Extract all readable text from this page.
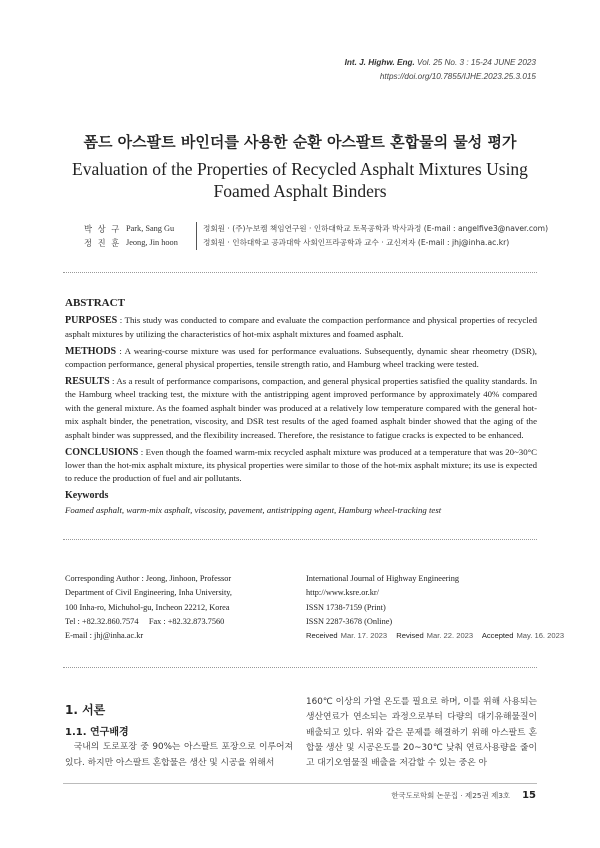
Int. J. Highw. Eng. Vol. 25 No. 3 : 15-24 JUNE 2023
https://doi.org/10.7855/IJHE.2023.25.3.015
폼드 아스팔트 바인더를 사용한 순환 아스팔트 혼합물의 물성 평가
Evaluation of the Properties of Recycled Asphalt Mixtures Using
Foamed Asphalt Binders
박 상 구 Park, Sang Gu	정회원 · (주)누보켐 책임연구원 · 인하대학교 토목공학과 박사과정 (E-mail : angelfive3@naver.com)
정 진 훈 Jeong, Jin hoon	정회원 · 인하대학교 공과대학 사회인프라공학과 교수 · 교신저자 (E-mail : jhj@inha.ac.kr)
ABSTRACT

PURPOSES : This study was conducted to compare and evaluate the compaction performance and physical properties of recycled asphalt mixtures by utilizing the characteristics of hot-mix asphalt mixtures and foamed asphalt.

METHODS : A wearing-course mixture was used for performance evaluations. Subsequently, dynamic shear rheometry (DSR), compaction performance, general physical properties, tensile strength ratio, and Hamburg wheel tracking were tested.

RESULTS : As a result of performance comparisons, compaction, and general physical properties satisfied the quality standards. In the Hamburg wheel tracking test, the mixture with the antistripping agent improved performance by approximately 40% compared with the general mixture. As the foamed asphalt binder was produced at a relatively low temperature compared with the general hot-mix asphalt binder, the penetration, viscosity, and DSR test results of the aged foamed asphalt binder showed that the aging of the asphalt binder was suppressed, and the flexibility increased. Therefore, the resistance to fatigue cracks is expected to be enhanced.

CONCLUSIONS : Even though the foamed warm-mix recycled asphalt mixture was produced at a temperature that was 20~30°C lower than the hot-mix asphalt mixture, its physical properties were similar to those of the hot-mix asphalt mixture; its use is expected to reduce the production of fuel and air pollutants.

Keywords
Foamed asphalt, warm-mix asphalt, viscosity, pavement, antistripping agent, Hamburg wheel-tracking test
Corresponding Author : Jeong, Jinhoon, Professor
Department of Civil Engineering, Inha University,
100 Inha-ro, Michuhol-gu, Incheon 22212, Korea
Tel : +82.32.860.7574     Fax : +82.32.873.7560
E-mail : jhj@inha.ac.kr
International Journal of Highway Engineering
http://www.ksre.or.kr/
ISSN 1738-7159 (Print)
ISSN 2287-3678 (Online)
Received Mar. 17. 2023 Revised Mar. 22. 2023 Accepted May. 16. 2023
1. 서론
1.1. 연구배경
국내의 도로포장 중 90%는 아스팔트 포장으로 이루어져 있다. 하지만 아스팔트 혼합물은 생산 및 시공을 위해서
160℃ 이상의 가열 온도를 필요로 하며, 이를 위해 사용되는 생산연료가 연소되는 과정으로부터 다량의 대기유해물질이 배출되고 있다. 위와 같은 문제를 해결하기 위해 아스팔트 혼합물 생산 및 시공온도를 20~30℃ 낮춰 연료사용량을 줄이고 대기오염물질 배출을 저감할 수 있는 중온 아
한국도로학회 논문집 · 제25권 제3호 15
